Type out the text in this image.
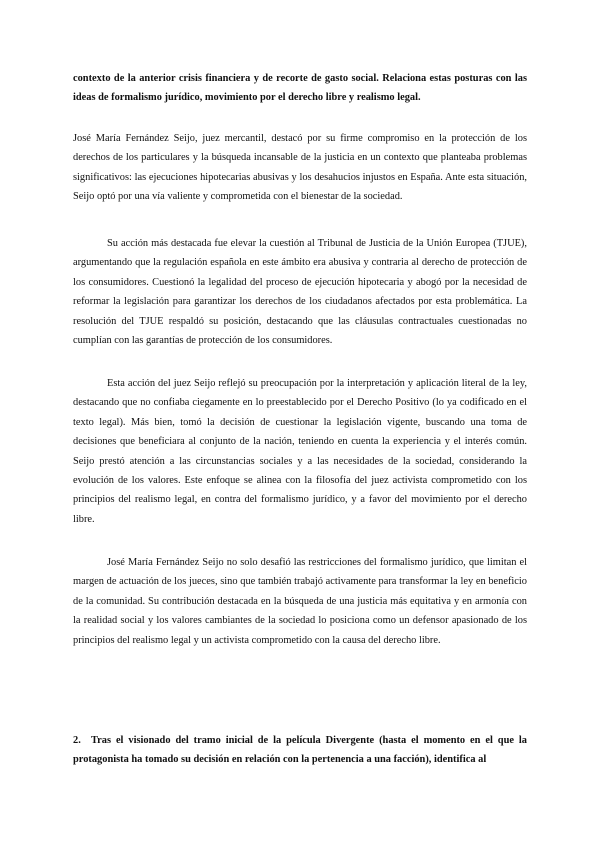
contexto de la anterior crisis financiera y de recorte de gasto social. Relaciona estas posturas con las ideas de formalismo jurídico, movimiento por el derecho libre y realismo legal.

José María Fernández Seijo, juez mercantil, destacó por su firme compromiso en la protección de los derechos de los particulares y la búsqueda incansable de la justicia en un contexto que planteaba problemas significativos: las ejecuciones hipotecarias abusivas y los desahucios injustos en España. Ante esta situación, Seijo optó por una vía valiente y comprometida con el bienestar de la sociedad.

Su acción más destacada fue elevar la cuestión al Tribunal de Justicia de la Unión Europea (TJUE), argumentando que la regulación española en este ámbito era abusiva y contraria al derecho de protección de los consumidores. Cuestionó la legalidad del proceso de ejecución hipotecaria y abogó por la necesidad de reformar la legislación para garantizar los derechos de los ciudadanos afectados por esta problemática. La resolución del TJUE respaldó su posición, destacando que las cláusulas contractuales cuestionadas no cumplían con las garantías de protección de los consumidores.

Esta acción del juez Seijo reflejó su preocupación por la interpretación y aplicación literal de la ley, destacando que no confiaba ciegamente en lo preestablecido por el Derecho Positivo (lo ya codificado en el texto legal). Más bien, tomó la decisión de cuestionar la legislación vigente, buscando una toma de decisiones que beneficiara al conjunto de la nación, teniendo en cuenta la experiencia y el interés común. Seijo prestó atención a las circunstancias sociales y a las necesidades de la sociedad, considerando la evolución de los valores. Este enfoque se alinea con la filosofía del juez activista comprometido con los principios del realismo legal, en contra del formalismo jurídico, y a favor del movimiento por el derecho libre.

José María Fernández Seijo no solo desafió las restricciones del formalismo jurídico, que limitan el margen de actuación de los jueces, sino que también trabajó activamente para transformar la ley en beneficio de la comunidad. Su contribución destacada en la búsqueda de una justicia más equitativa y en armonía con la realidad social y los valores cambiantes de la sociedad lo posiciona como un defensor apasionado de los principios del realismo legal y un activista comprometido con la causa del derecho libre.

2. Tras el visionado del tramo inicial de la película Divergente (hasta el momento en el que la protagonista ha tomado su decisión en relación con la pertenencia a una facción), identifica al
